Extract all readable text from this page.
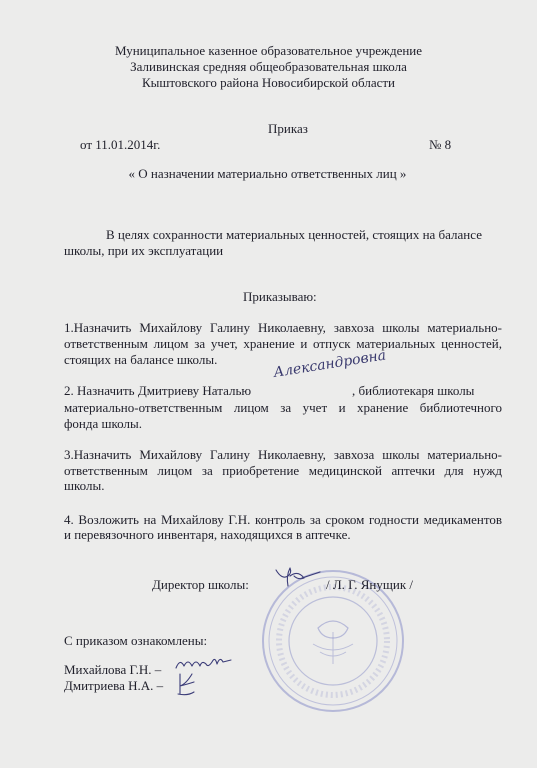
Муниципальное казенное образовательное учреждение
Заливинская средняя общеобразовательная школа
Кыштовского района Новосибирской области
Приказ
от 11.01.2014г.	№ 8
« О назначении материально ответственных лиц »
В целях сохранности материальных ценностей, стоящих на балансе
школы, при их эксплуатации
Приказываю:
1.Назначить Михайлову Галину Николаевну, завхоза школы материально-
ответственным лицом за учет, хранение и отпуск материальных ценностей,
стоящих на балансе школы.
2. Назначить Дмитриеву Наталью	, библиотекаря школы
Александровна
материально-ответственным лицом за учет и хранение библиотечного
фонда школы.
3.Назначить Михайлову Галину Николаевну, завхоза школы материально-
ответственным лицом за приобретение медицинской аптечки для нужд
школы.
4. Возложить на Михайлову Г.Н. контроль за сроком годности медикаментов
и перевязочного инвентаря, находящихся в аптечке.
Директор школы:	/ Л. Г. Янущик /
С приказом ознакомлены:
Михайлова Г.Н. –
Дмитриева Н.А. –
